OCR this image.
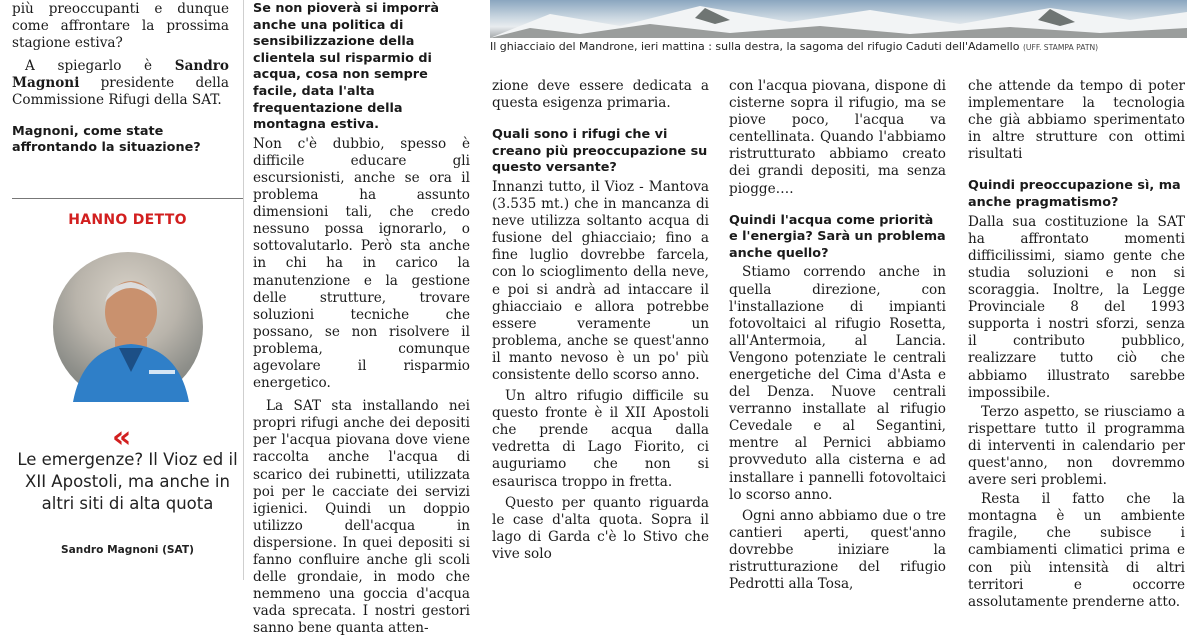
Il ghiacciaio del Mandrone, ieri mattina : sulla destra, la sagoma del rifugio Caduti dell'Adamello (UFF. STAMPA PATN)

più preoccupanti e dunque come affrontare la prossima stagione estiva?

A spiegarlo è Sandro Magnoni presidente della Commissione Rifugi della SAT.

Magnoni, come state affrontando la situazione?

HANNO DETTO
«
Le emergenze? Il Vioz ed il XII Apostoli, ma anche in altri siti di alta quota
Sandro Magnoni (SAT)

Se non pioverà si imporrà anche una politica di sensibilizzazione della clientela sul risparmio di acqua, cosa non sempre facile, data l'alta frequentazione della montagna estiva.

Non c'è dubbio, spesso è difficile educare gli escursionisti, anche se ora il problema ha assunto dimensioni tali, che credo nessuno possa ignorarlo, o sottovalutarlo. Però sta anche in chi ha in carico la manutenzione e la gestione delle strutture, trovare soluzioni tecniche che possano, se non risolvere il problema, comunque agevolare il risparmio energetico.

La SAT sta installando nei propri rifugi anche dei depositi per l'acqua piovana dove viene raccolta anche l'acqua di scarico dei rubinetti, utilizzata poi per le cacciate dei servizi igienici. Quindi un doppio utilizzo dell'acqua in dispersione. In quei depositi si fanno confluire anche gli scoli delle grondaie, in modo che nemmeno una goccia d'acqua vada sprecata. I nostri gestori sanno bene quanta atten-

zione deve essere dedicata a questa esigenza primaria.

Quali sono i rifugi che vi creano più preoccupazione su questo versante?

Innanzi tutto, il Vioz - Mantova (3.535 mt.) che in mancanza di neve utilizza soltanto acqua di fusione del ghiacciaio; fino a fine luglio dovrebbe farcela, con lo scioglimento della neve, e poi si andrà ad intaccare il ghiacciaio e allora potrebbe essere veramente un problema, anche se quest'anno il manto nevoso è un po' più consistente dello scorso anno.

Un altro rifugio difficile su questo fronte è il XII Apostoli che prende acqua dalla vedretta di Lago Fiorito, ci auguriamo che non si esaurisca troppo in fretta.

Questo per quanto riguarda le case d'alta quota. Sopra il lago di Garda c'è lo Stivo che vive solo

con l'acqua piovana, dispone di cisterne sopra il rifugio, ma se piove poco, l'acqua va centellinata. Quando l'abbiamo ristrutturato abbiamo creato dei grandi depositi, ma senza piogge….

Quindi l'acqua come priorità e l'energia? Sarà un problema anche quello?

Stiamo correndo anche in quella direzione, con l'installazione di impianti fotovoltaici al rifugio Rosetta, all'Antermoia, al Lancia. Vengono potenziate le centrali energetiche del Cima d'Asta e del Denza. Nuove centrali verranno installate al rifugio Cevedale e al Segantini, mentre al Pernici abbiamo provveduto alla cisterna e ad installare i pannelli fotovoltaici lo scorso anno.

Ogni anno abbiamo due o tre cantieri aperti, quest'anno dovrebbe iniziare la ristrutturazione del rifugio Pedrotti alla Tosa,

che attende da tempo di poter implementare la tecnologia che già abbiamo sperimentato in altre strutture con ottimi risultati

Quindi preoccupazione sì, ma anche pragmatismo?

Dalla sua costituzione la SAT ha affrontato momenti difficilissimi, siamo gente che studia soluzioni e non si scoraggia. Inoltre, la Legge Provinciale 8 del 1993 supporta i nostri sforzi, senza il contributo pubblico, realizzare tutto ciò che abbiamo illustrato sarebbe impossibile.

Terzo aspetto, se riusciamo a rispettare tutto il programma di interventi in calendario per quest'anno, non dovremmo avere seri problemi.

Resta il fatto che la montagna è un ambiente fragile, che subisce i cambiamenti climatici prima e con più intensità di altri territori e occorre assolutamente prenderne atto.
